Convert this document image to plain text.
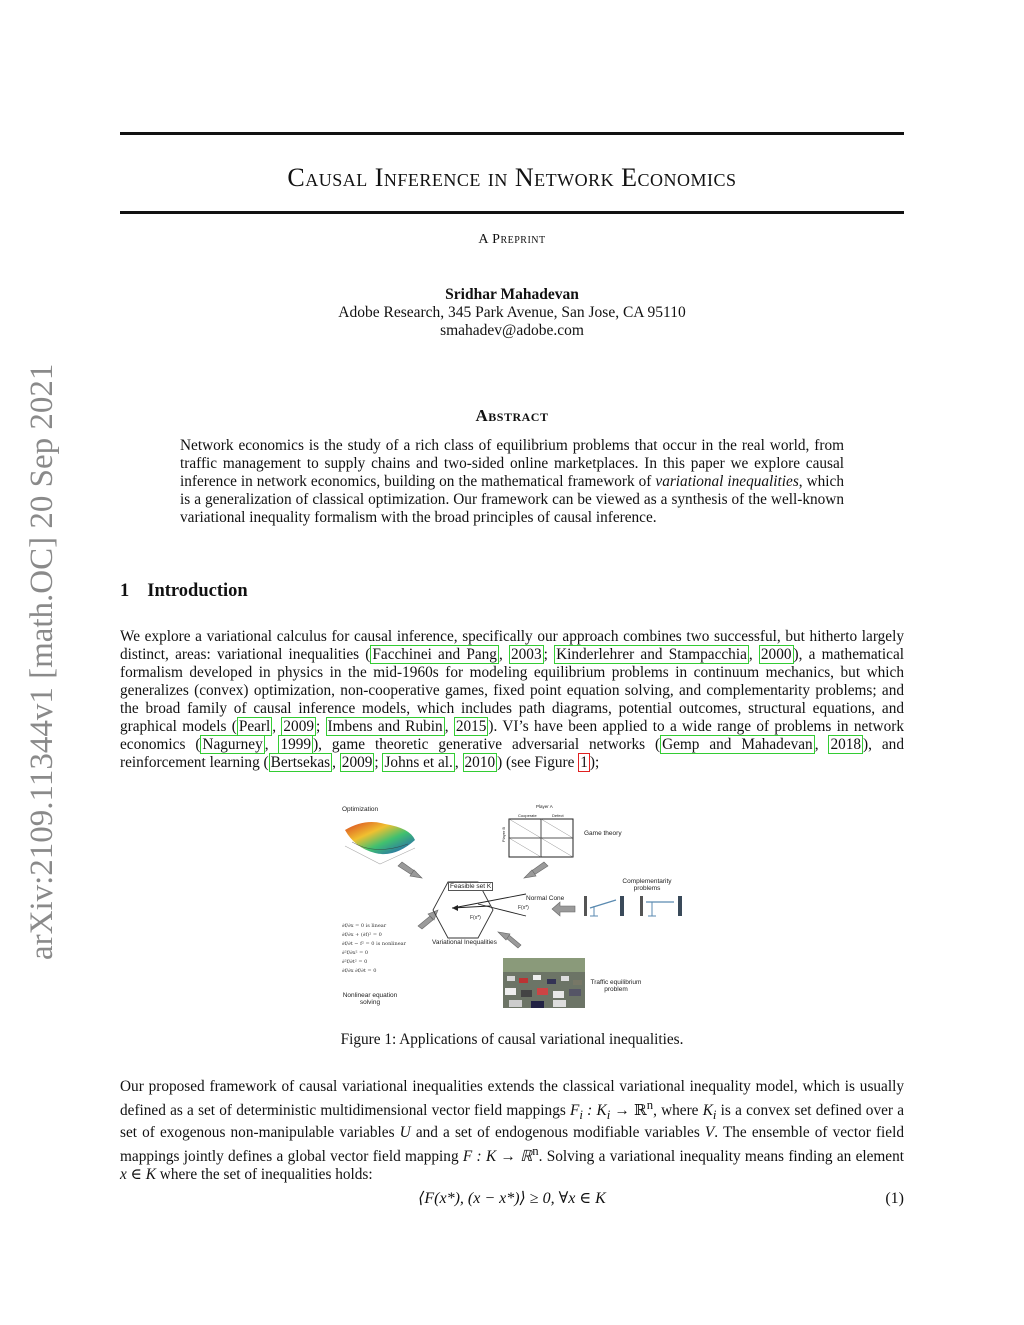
arXiv:2109.11344v1 [math.OC] 20 Sep 2021
Causal Inference in Network Economics
A Preprint
Sridhar Mahadevan
Adobe Research, 345 Park Avenue, San Jose, CA 95110
smahadev@adobe.com
Abstract
Network economics is the study of a rich class of equilibrium problems that occur in the real world, from traffic management to supply chains and two-sided online marketplaces. In this paper we explore causal inference in network economics, building on the mathematical framework of variational inequalities, which is a generalization of classical optimization. Our framework can be viewed as a synthesis of the well-known variational inequality formalism with the broad principles of causal inference.
1 Introduction
We explore a variational calculus for causal inference, specifically our approach combines two successful, but hitherto largely distinct, areas: variational inequalities ( Facchinei and Pang , 2003 ; Kinderlehrer and Stampacchia , 2000 ), a mathematical formalism developed in physics in the mid-1960s for modeling equilibrium problems in continuum mechanics, but which generalizes (convex) optimization, non-cooperative games, fixed point equation solving, and complementarity problems; and the broad family of causal inference models, which includes path diagrams, potential outcomes, structural equations, and graphical models ( Pearl , 2009 ; Imbens and Rubin , 2015 ). VI’s have been applied to a wide range of problems in network economics ( Nagurney , 1999 ), game theoretic generative adversarial networks ( Gemp and Mahadevan , 2018 ), and reinforcement learning ( Bertsekas , 2009 ; Johns et al. , 2010 ) (see Figure 1 );
Optimization	Player A
Cooperate	Defect
Player B	Game theory
Feasible set K
Normal Cone
F(x*)
F(x*)
Variational Inequalities
Complementarity
problems
∂f/∂x = 0 is linear
∂f/∂x + (∂f)² = 0
∂f/∂t − f² = 0 is nonlinear
∂²f/∂x² = 0
∂²f/∂t² = 0
∂f/∂x ∂f/∂t = 0
Nonlinear equation
solving
Traffic equilibrium
problem
Figure 1: Applications of causal variational inequalities.
Our proposed framework of causal variational inequalities extends the classical variational inequality model, which is usually defined as a set of deterministic multidimensional vector field mappings $F_i$ : $K_i$ → ℝ$^n$, where $K_i$ is a convex set defined over a set of exogenous non-manipulable variables U and a set of endogenous modifiable variables V. The ensemble of vector field mappings jointly defines a global vector field mapping F : K → ℝ$^n$. Solving a variational inequality means finding an element x ∈ K where the set of inequalities holds:
⟨F(x*), (x − x*)⟩ ≥ 0, ∀x ∈ K	(1)
